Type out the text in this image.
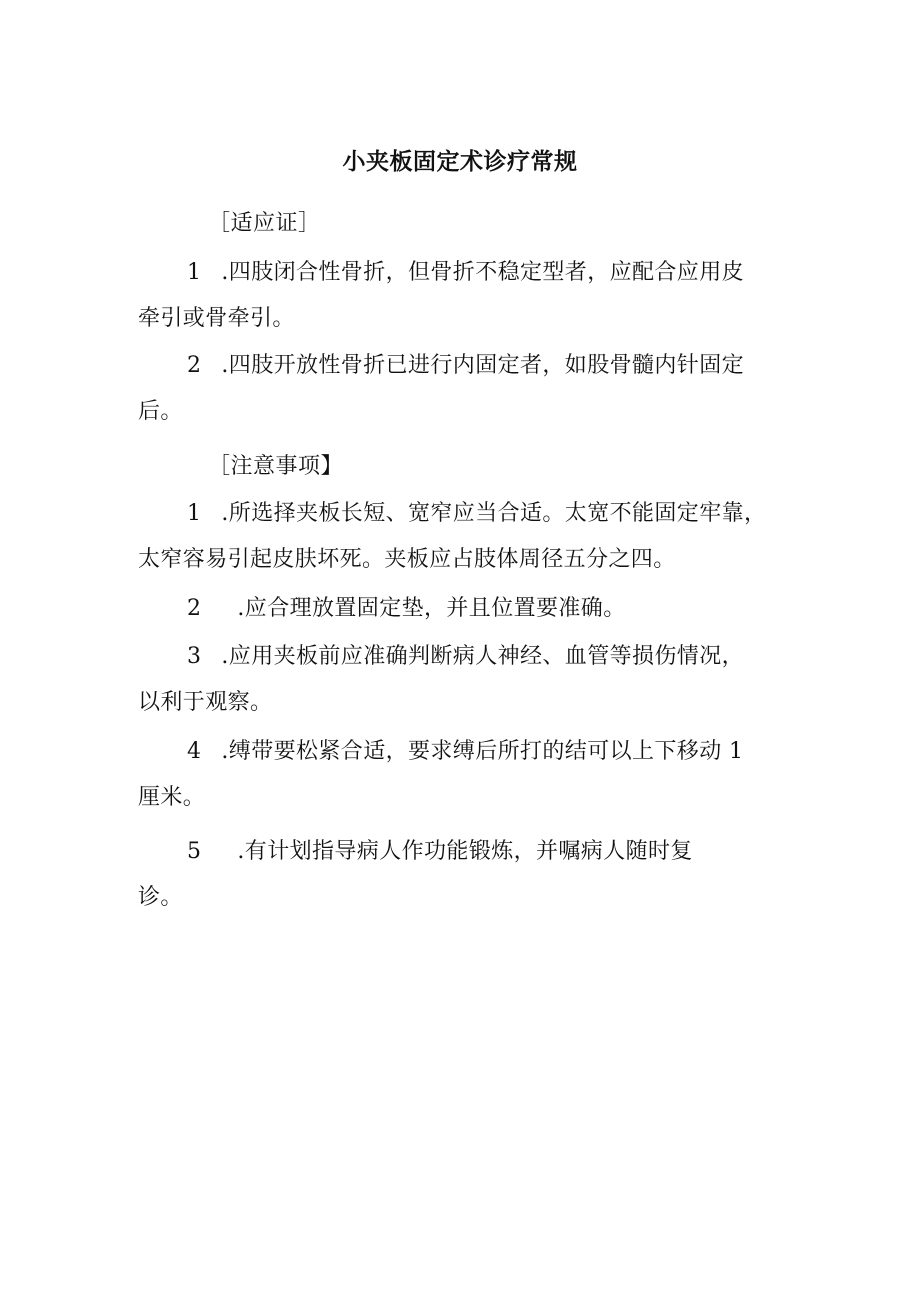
小夹板固定术诊疗常规
［适应证］
1 .四肢闭合性骨折，但骨折不稳定型者，应配合应用皮
牵引或骨牵引。
2 .四肢开放性骨折已进行内固定者，如股骨髓内针固定
后。
［注意事项】
1 .所选择夹板长短、宽窄应当合适。太宽不能固定牢靠，
太窄容易引起皮肤坏死。夹板应占肢体周径五分之四。
2 .应合理放置固定垫，并且位置要准确。
3 .应用夹板前应准确判断病人神经、血管等损伤情况，
以利于观察。
4 .缚带要松紧合适，要求缚后所打的结可以上下移动 1
厘米。
5 .有计划指导病人作功能锻炼，并嘱病人随时复
诊。
